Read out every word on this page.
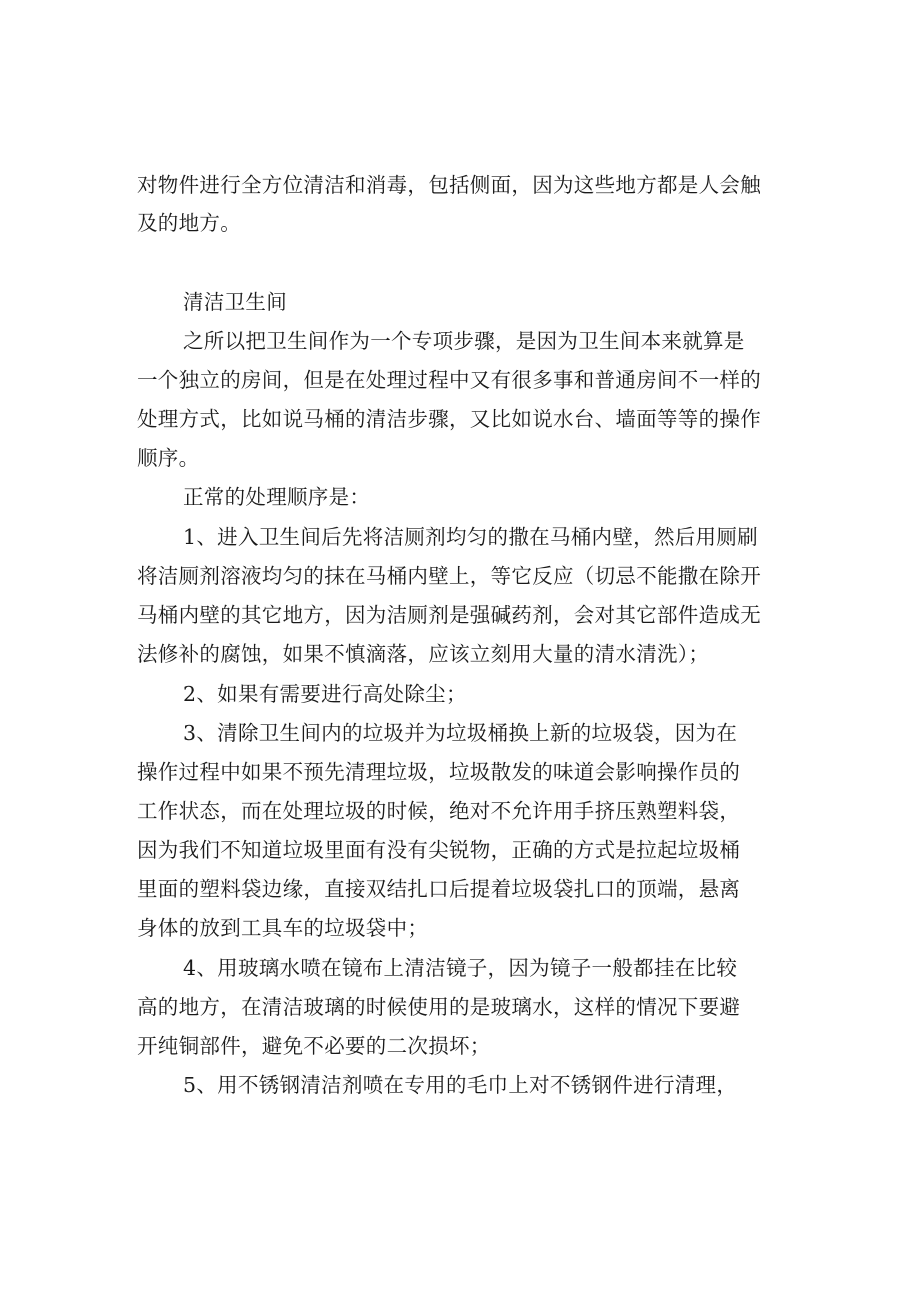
对物件进行全方位清洁和消毒，包括侧面，因为这些地方都是人会触
及的地方。
清洁卫生间
之所以把卫生间作为一个专项步骤，是因为卫生间本来就算是
一个独立的房间，但是在处理过程中又有很多事和普通房间不一样的
处理方式，比如说马桶的清洁步骤，又比如说水台、墙面等等的操作
顺序。
正常的处理顺序是：
1、进入卫生间后先将洁厕剂均匀的撒在马桶内壁，然后用厕刷
将洁厕剂溶液均匀的抹在马桶内壁上，等它反应（切忌不能撒在除开
马桶内壁的其它地方，因为洁厕剂是强碱药剂，会对其它部件造成无
法修补的腐蚀，如果不慎滴落，应该立刻用大量的清水清洗）；
2、如果有需要进行高处除尘；
3、清除卫生间内的垃圾并为垃圾桶换上新的垃圾袋，因为在
操作过程中如果不预先清理垃圾，垃圾散发的味道会影响操作员的
工作状态，而在处理垃圾的时候，绝对不允许用手挤压熟塑料袋，
因为我们不知道垃圾里面有没有尖锐物，正确的方式是拉起垃圾桶
里面的塑料袋边缘，直接双结扎口后提着垃圾袋扎口的顶端，悬离
身体的放到工具车的垃圾袋中；
4、用玻璃水喷在镜布上清洁镜子，因为镜子一般都挂在比较
高的地方，在清洁玻璃的时候使用的是玻璃水，这样的情况下要避
开纯铜部件，避免不必要的二次损坏；
5、用不锈钢清洁剂喷在专用的毛巾上对不锈钢件进行清理，
